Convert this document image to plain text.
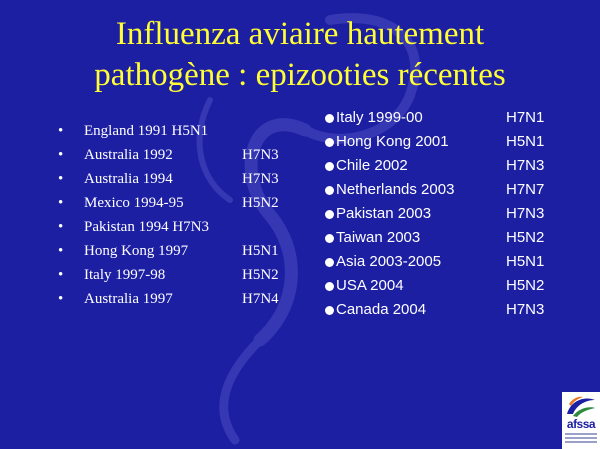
Influenza aviaire hautement
pathogène : epizooties récentes
•	England 1991 H5N1
•	Australia 1992	H7N3
•	Australia 1994	H7N3
•	Mexico 1994-95	H5N2
•	Pakistan 1994 H7N3
•	Hong Kong 1997	H5N1
•	Italy 1997-98	H5N2
•	Australia 1997	H7N4
Italy 1999-00	H7N1
Hong Kong 2001	H5N1
Chile 2002	H7N3
Netherlands 2003	H7N7
Pakistan 2003	H7N3
Taiwan 2003	H5N2
Asia 2003-2005	H5N1
USA 2004	H5N2
Canada 2004	H7N3
afssa
